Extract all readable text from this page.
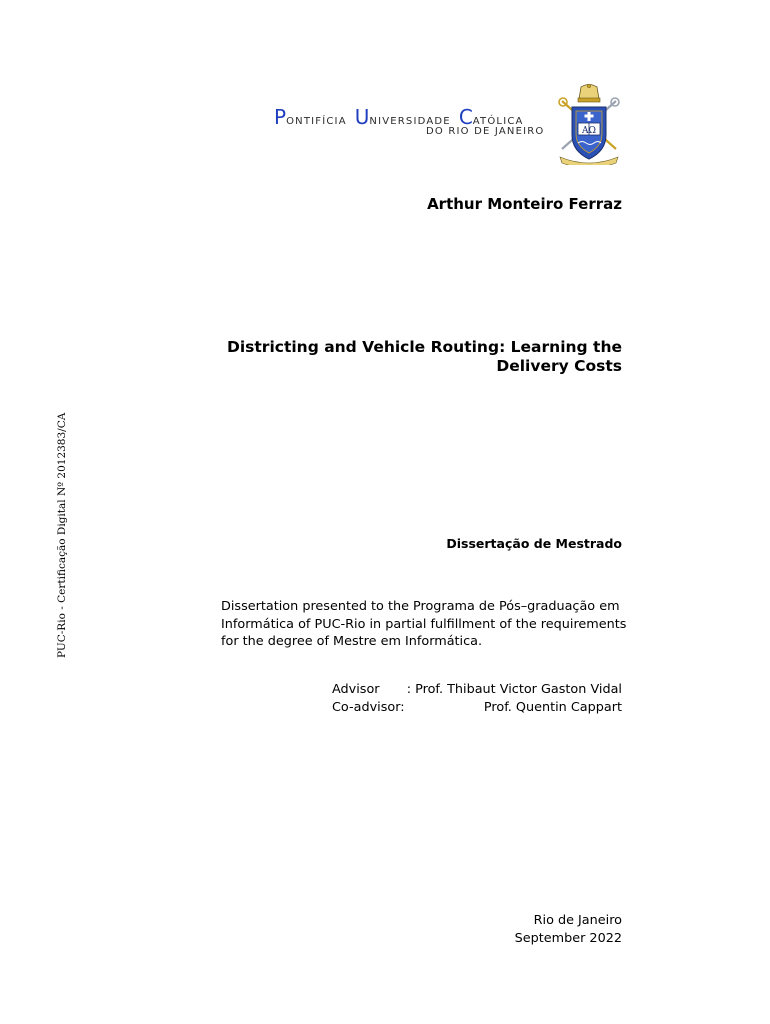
PONTIFÍCIA UNIVERSIDADE CATÓLICA
DO RIO DE JANEIRO	ΑΩ
PUC-Rio - Certificação Digital Nº 2012383/CA
Arthur Monteiro Ferraz
Districting and Vehicle Routing: Learning the
Delivery Costs
Dissertação de Mestrado
Dissertation presented to the Programa de Pós–graduação em
Informática of PUC-Rio in partial fulfillment of the requirements
for the degree of Mestre em Informática.
Advisor : Prof. Thibaut Victor Gaston Vidal
Co-advisor:	Prof. Quentin Cappart
Rio de Janeiro
September 2022
